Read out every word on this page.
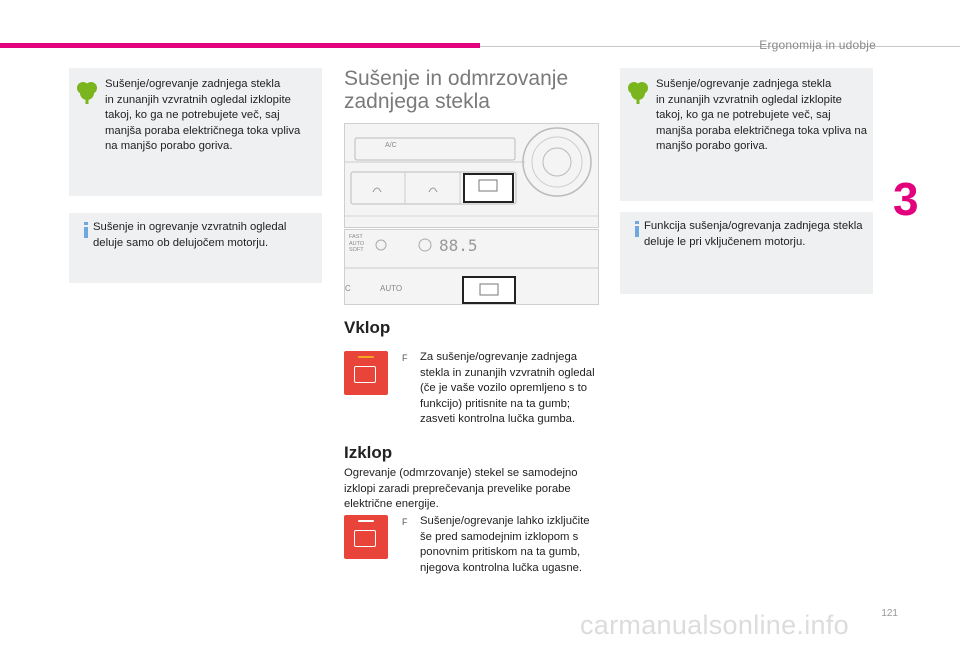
Ergonomija in udobje
3

Sušenje/ogrevanje zadnjega stekla
in zunanjih vzvratnih ogledal izklopite takoj, ko ga ne potrebujete več, saj manjša poraba električnega toka vpliva na manjšo porabo goriva.

Sušenje in ogrevanje vzvratnih ogledal deluje samo ob delujočem motorju.

Sušenje in odmrzovanje zadnjega stekla
A/C
FAST
AUTO
SOFT	88.5
AUTO
C
Vklop
F Za sušenje/ogrevanje zadnjega stekla in zunanjih vzvratnih ogledal (če je vaše vozilo opremljeno s to funkcijo) pritisnite na ta gumb; zasveti kontrolna lučka gumba.

Izklop

Ogrevanje (odmrzovanje) stekel se samodejno izklopi zaradi preprečevanja prevelike porabe električne energije.

F Sušenje/ogrevanje lahko izključite še pred samodejnim izklopom s ponovnim pritiskom na ta gumb, njegova kontrolna lučka ugasne.

Sušenje/ogrevanje zadnjega stekla
in zunanjih vzvratnih ogledal izklopite takoj, ko ga ne potrebujete več, saj manjša poraba električnega toka vpliva na manjšo porabo goriva.

Funkcija sušenja/ogrevanja zadnjega stekla deluje le pri vključenem motorju.

121
carmanualsonline.info
